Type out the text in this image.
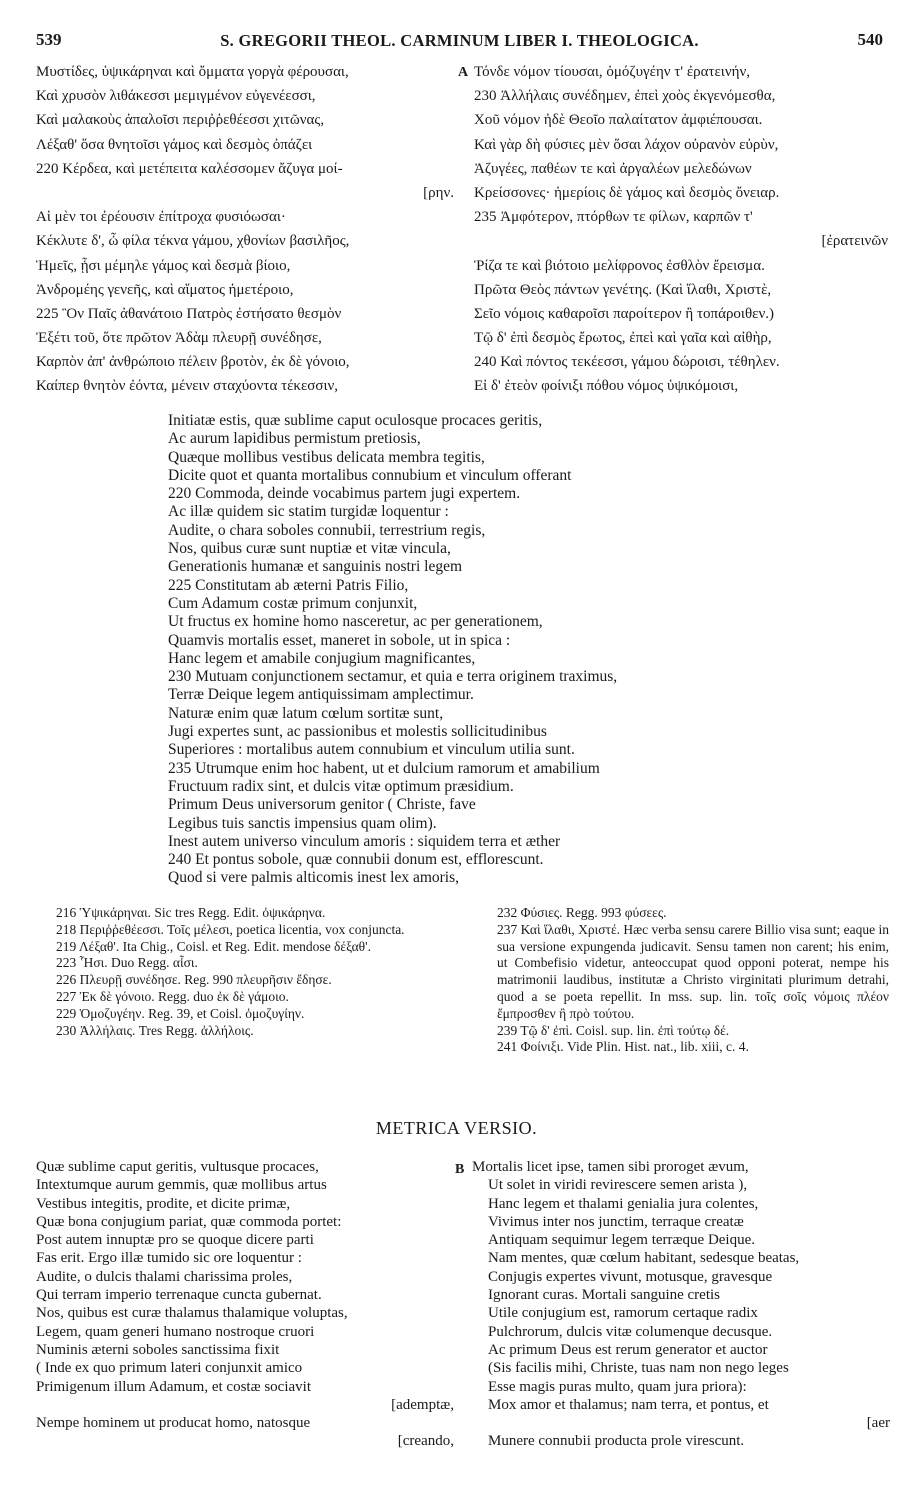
539	S. GREGORII THEOL. CARMINUM LIBER I. THEOLOGICA.	540
A
B
Μυστίδες, ὑψικάρηναι καὶ ὄμματα γοργὰ φέρουσαι,
Καὶ χρυσὸν λιθάκεσσι μεμιγμένον εὐγενέεσσι,
Καὶ μαλακοὺς ἀπαλοῖσι περιῤῥεθέεσσι χιτῶνας,
Λέξαθ' ὅσα θνητοῖσι γάμος καὶ δεσμὸς ὀπάζει
220 Κέρδεα, καὶ μετέπειτα καλέσσομεν ἄζυγα μοί-
[ρην.
Αἱ μὲν τοι ἐρέουσιν ἐπίτροχα φυσιόωσαι·
Κέκλυτε δ', ὦ φίλα τέκνα γάμου, χθονίων βασιλῆος,
Ἡμεῖς, ᾗσι μέμηλε γάμος καὶ δεσμὰ βίοιο,
Ἀνδρομέης γενεῆς, καὶ αἵματος ἡμετέροιο,
225 Ὃν Παῖς ἀθανάτοιο Πατρὸς ἐστήσατο θεσμὸν
Ἐξέτι τοῦ, ὅτε πρῶτον Ἀδὰμ πλευρῇ συνέδησε,
Καρπὸν ἀπ' ἀνθρώποιο πέλειν βροτὸν, ἐκ δὲ γόνοιο,
Καίπερ θνητὸν ἐόντα, μένειν σταχύοντα τέκεσσιν,
Τόνδε νόμον τίουσαι, ὁμόζυγέην τ' ἐρατεινήν,
230 Ἀλλήλαις συνέδημεν, ἐπεὶ χοὸς ἐκγενόμεσθα,
Χοῦ νόμον ἠδὲ Θεοῖο παλαίτατον ἀμφιέπουσαι.
Καὶ γὰρ δὴ φύσιες μὲν ὅσαι λάχον οὐρανὸν εὐρὺν,
Ἀζυγέες, παθέων τε καὶ ἀργαλέων μελεδώνων
Κρείσσονες· ἡμερίοις δὲ γάμος καὶ δεσμὸς ὄνειαρ.
235 Ἀμφότερον, πτόρθων τε φίλων, καρπῶν τ'
[ἐρατεινῶν
Ῥίζα τε καὶ βιότοιο μελίφρονος ἐσθλὸν ἔρεισμα.
Πρῶτα Θεὸς πάντων γενέτης. (Καὶ ἵλαθι, Χριστὲ,
Σεῖο νόμοις καθαροῖσι παροίτερον ἢ τοπάροιθεν.)
Τῷ δ' ἐπὶ δεσμὸς ἔρωτος, ἐπεὶ καὶ γαῖα καὶ αἰθὴρ,
240 Καὶ πόντος τεκέεσσι, γάμου δώροισι, τέθηλεν.
Εἰ δ' ἐτεὸν φοίνιξι πόθου νόμος ὑψικόμοισι,
Initiatæ estis, quæ sublime caput oculosque procaces geritis,
Ac aurum lapidibus permistum pretiosis,
Quæque mollibus vestibus delicata membra tegitis,
Dicite quot et quanta mortalibus connubium et vinculum offerant
220 Commoda, deinde vocabimus partem jugi expertem.
Ac illæ quidem sic statim turgidæ loquentur :
Audite, o chara soboles connubii, terrestrium regis,
Nos, quibus curæ sunt nuptiæ et vitæ vincula,
Generationis humanæ et sanguinis nostri legem
225 Constitutam ab æterni Patris Filio,
Cum Adamum costæ primum conjunxit,
Ut fructus ex homine homo nasceretur, ac per generationem,
Quamvis mortalis esset, maneret in sobole, ut in spica :
Hanc legem et amabile conjugium magnificantes,
230 Mutuam conjunctionem sectamur, et quia e terra originem traximus,
Terræ Deique legem antiquissimam amplectimur.
Naturæ enim quæ latum cœlum sortitæ sunt,
Jugi expertes sunt, ac passionibus et molestis sollicitudinibus
Superiores : mortalibus autem connubium et vinculum utilia sunt.
235 Utrumque enim hoc habent, ut et dulcium ramorum et amabilium
Fructuum radix sint, et dulcis vitæ optimum præsidium.
Primum Deus universorum genitor ( Christe, fave
Legibus tuis sanctis impensius quam olim).
Inest autem universo vinculum amoris : siquidem terra et æther
240 Et pontus sobole, quæ connubii donum est, efflorescunt.
Quod si vere palmis alticomis inest lex amoris,

216 Ὑψικάρηναι. Sic tres Regg. Edit. ὀψικάρηνα.

218 Περιῤῥεθέεσσι. Τοῖς μέλεσι, poetica licentia, vox conjuncta.

219 Λέξαθ'. Ita Chig., Coisl. et Reg. Edit. mendose δέξαθ'.

223 Ἧσι. Duo Regg. αἷσι.

226 Πλευρῇ συνέδησε. Reg. 990 πλευρῆσιν ἔδησε.

227 Ἐκ δὲ γόνοιο. Regg. duo ἐκ δὲ γάμοιο.

229 Ὁμοζυγέην. Reg. 39, et Coisl. ὁμοζυγίην.

230 Ἀλλήλαις. Tres Regg. ἀλλήλοις.

232 Φύσιες. Regg. 993 φύσεες.

237 Καὶ ἵλαθι, Χριστέ. Hæc verba sensu carere Billio visa sunt; eaque in sua versione expungenda judicavit. Sensu tamen non carent; his enim, ut Combefisio videtur, anteoccupat quod opponi poterat, nempe his matrimonii laudibus, institutæ a Christo virginitati plurimum detrahi, quod a se poeta repellit. In mss. sup. lin. τοῖς σοῖς νόμοις πλέον ἔμπροσθεν ἢ πρὸ τούτου.

239 Τῷ δ' ἐπὶ. Coisl. sup. lin. ἐπὶ τούτῳ δέ.

241 Φοίνιξι. Vide Plin. Hist. nat., lib. xiii, c. 4.

METRICA VERSIO.
Quæ sublime caput geritis, vultusque procaces,
Intextumque aurum gemmis, quæ mollibus artus
Vestibus integitis, prodite, et dicite primæ,
Quæ bona conjugium pariat, quæ commoda portet:
Post autem innuptæ pro se quoque dicere parti
Fas erit. Ergo illæ tumido sic ore loquentur :
Audite, o dulcis thalami charissima proles,
Qui terram imperio terrenaque cuncta gubernat.
Nos, quibus est curæ thalamus thalamique voluptas,
Legem, quam generi humano nostroque cruori
Numinis æterni soboles sanctissima fixit
( Inde ex quo primum lateri conjunxit amico
Primigenum illum Adamum, et costæ sociavit
[ademptæ,
Nempe hominem ut producat homo, natosque
[creando,
Mortalis licet ipse, tamen sibi proroget ævum,
Ut solet in viridi revirescere semen arista ),
Hanc legem et thalami genialia jura colentes,
Vivimus inter nos junctim, terraque creatæ
Antiquam sequimur legem terræque Deique.
Nam mentes, quæ cœlum habitant, sedesque beatas,
Conjugis expertes vivunt, motusque, gravesque
Ignorant curas. Mortali sanguine cretis
Utile conjugium est, ramorum certaque radix
Pulchrorum, dulcis vitæ columenque decusque.
Ac primum Deus est rerum generator et auctor
(Sis facilis mihi, Christe, tuas nam non nego leges
Esse magis puras multo, quam jura priora):
Mox amor et thalamus; nam terra, et pontus, et
[aer
Munere connubii producta prole virescunt.
